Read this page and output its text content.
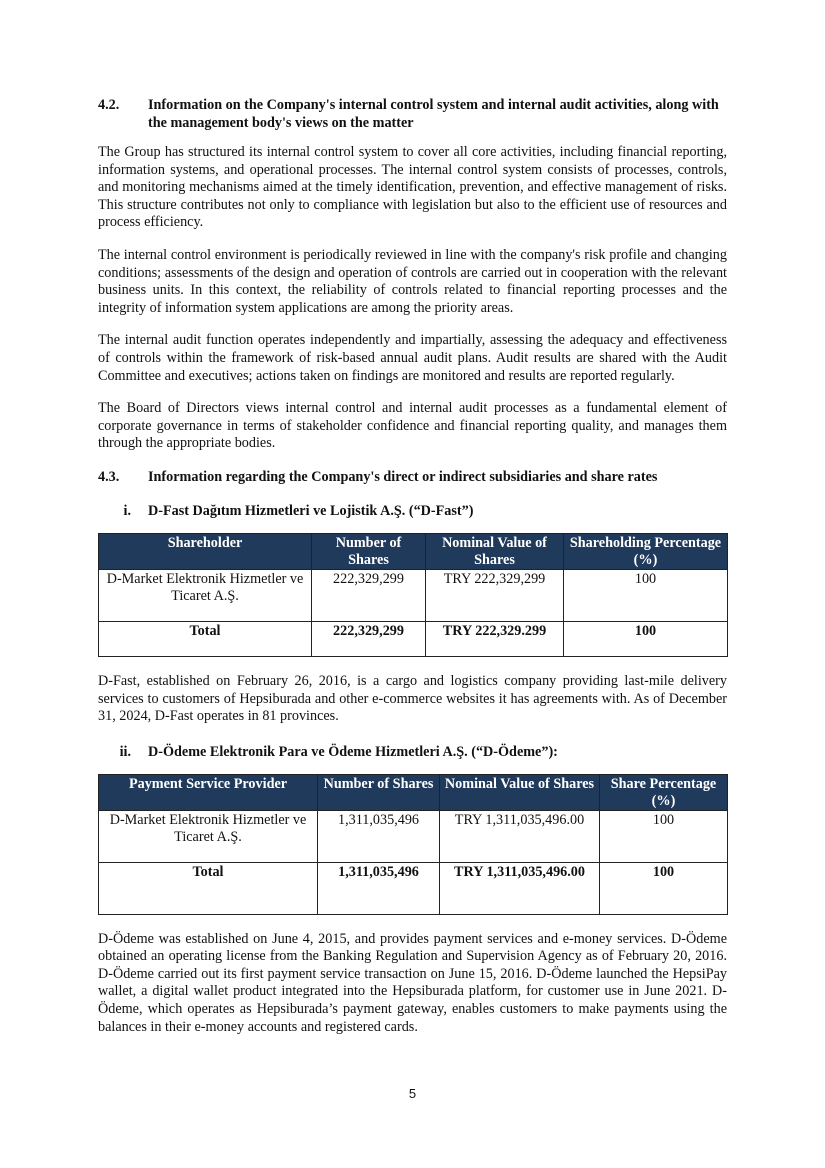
4.2.	Information on the Company's internal control system and internal audit activities, along with the management body's views on the matter

The Group has structured its internal control system to cover all core activities, including financial reporting, information systems, and operational processes. The internal control system consists of processes, controls, and monitoring mechanisms aimed at the timely identification, prevention, and effective management of risks. This structure contributes not only to compliance with legislation but also to the efficient use of resources and process efficiency.

The internal control environment is periodically reviewed in line with the company's risk profile and changing conditions; assessments of the design and operation of controls are carried out in cooperation with the relevant business units. In this context, the reliability of controls related to financial reporting processes and the integrity of information system applications are among the priority areas.

The internal audit function operates independently and impartially, assessing the adequacy and effectiveness of controls within the framework of risk-based annual audit plans. Audit results are shared with the Audit Committee and executives; actions taken on findings are monitored and results are reported regularly.

The Board of Directors views internal control and internal audit processes as a fundamental element of corporate governance in terms of stakeholder confidence and financial reporting quality, and manages them through the appropriate bodies.

4.3.	Information regarding the Company's direct or indirect subsidiaries and share rates
i.	D-Fast Dağıtım Hizmetleri ve Lojistik A.Ş. (“D-Fast”)
Shareholder	Number of Shares	Nominal Value of Shares	Shareholding Percentage (%)
D-Market Elektronik Hizmetler ve Ticaret A.Ş.	222,329,299	TRY 222,329,299	100
Total	222,329,299	TRY 222,329.299	100

D-Fast, established on February 26, 2016, is a cargo and logistics company providing last-mile delivery services to customers of Hepsiburada and other e-commerce websites it has agreements with. As of December 31, 2024, D-Fast operates in 81 provinces.

ii.	D-Ödeme Elektronik Para ve Ödeme Hizmetleri A.Ş. (“D-Ödeme”):
Payment Service Provider	Number of Shares	Nominal Value of Shares	Share Percentage (%)
D-Market Elektronik Hizmetler ve Ticaret A.Ş.	1,311,035,496	TRY 1,311,035,496.00	100
Total	1,311,035,496	TRY 1,311,035,496.00	100

D-Ödeme was established on June 4, 2015, and provides payment services and e-money services. D-Ödeme obtained an operating license from the Banking Regulation and Supervision Agency as of February 20, 2016. D-Ödeme carried out its first payment service transaction on June 15, 2016. D-Ödeme launched the HepsiPay wallet, a digital wallet product integrated into the Hepsiburada platform, for customer use in June 2021. D-Ödeme, which operates as Hepsiburada’s payment gateway, enables customers to make payments using the balances in their e-money accounts and registered cards.

5
